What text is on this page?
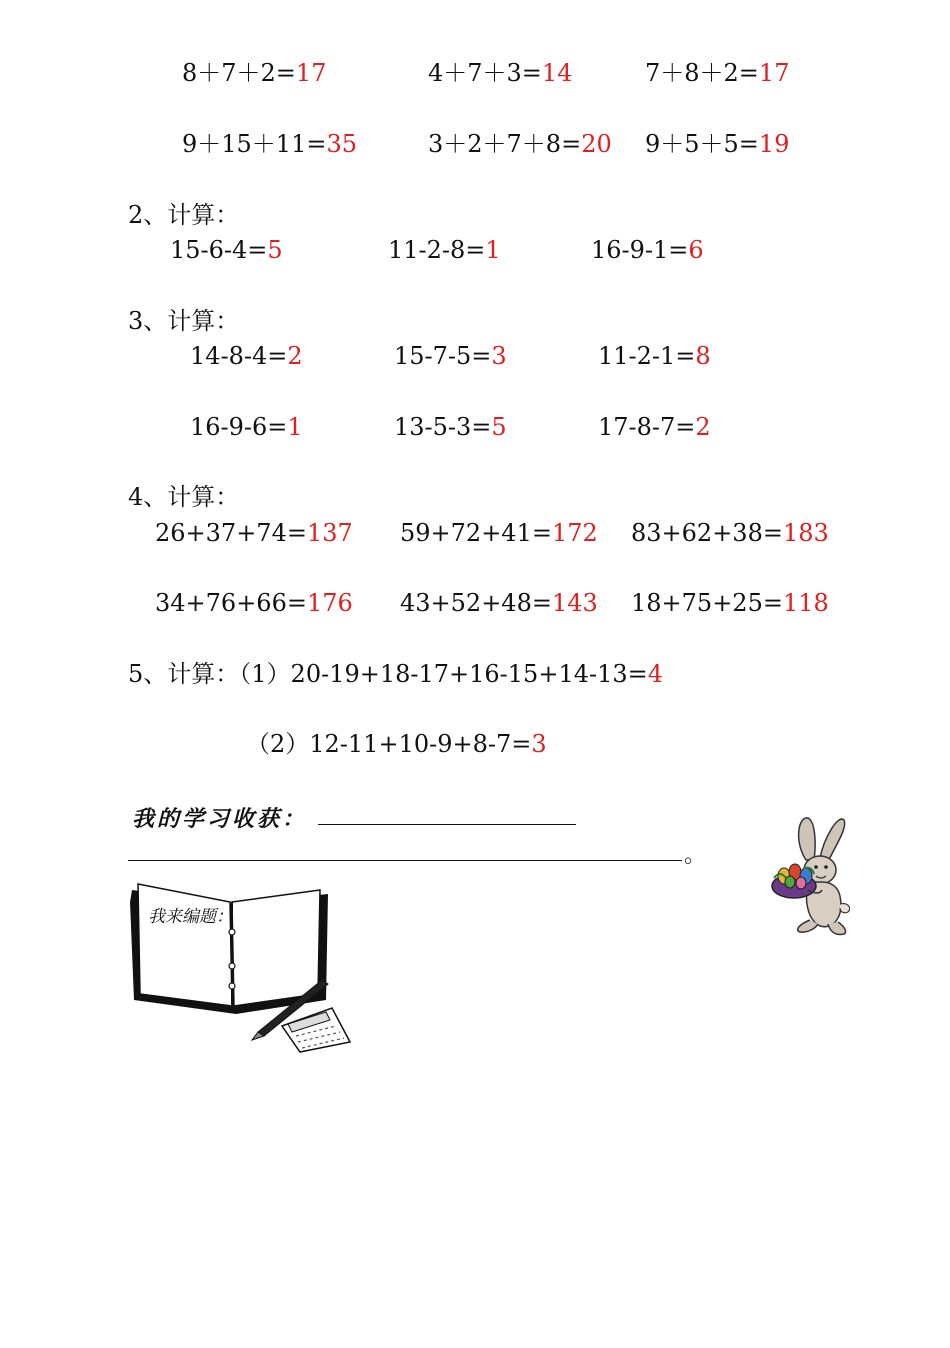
8＋7＋2=17	4＋7＋3=14	7＋8＋2=17
9＋15＋11=35	3＋2＋7＋8=20 9＋5＋5=19
2、计算：
15-6-4=5	11-2-8=1	16-9-1=6
3、计算：
14-8-4=2	15-7-5=3	11-2-1=8
16-9-6=1	13-5-3=5	17-8-7=2
4、计算：
26+37+74=137 59+72+41=172 83+62+38=183
34+76+66=176 43+52+48=143 18+75+25=118
5、计算：（1）20-19+18-17+16-15+14-13=4
（2）12-11+10-9+8-7=3
我的学习收获：
。
我来编题：
